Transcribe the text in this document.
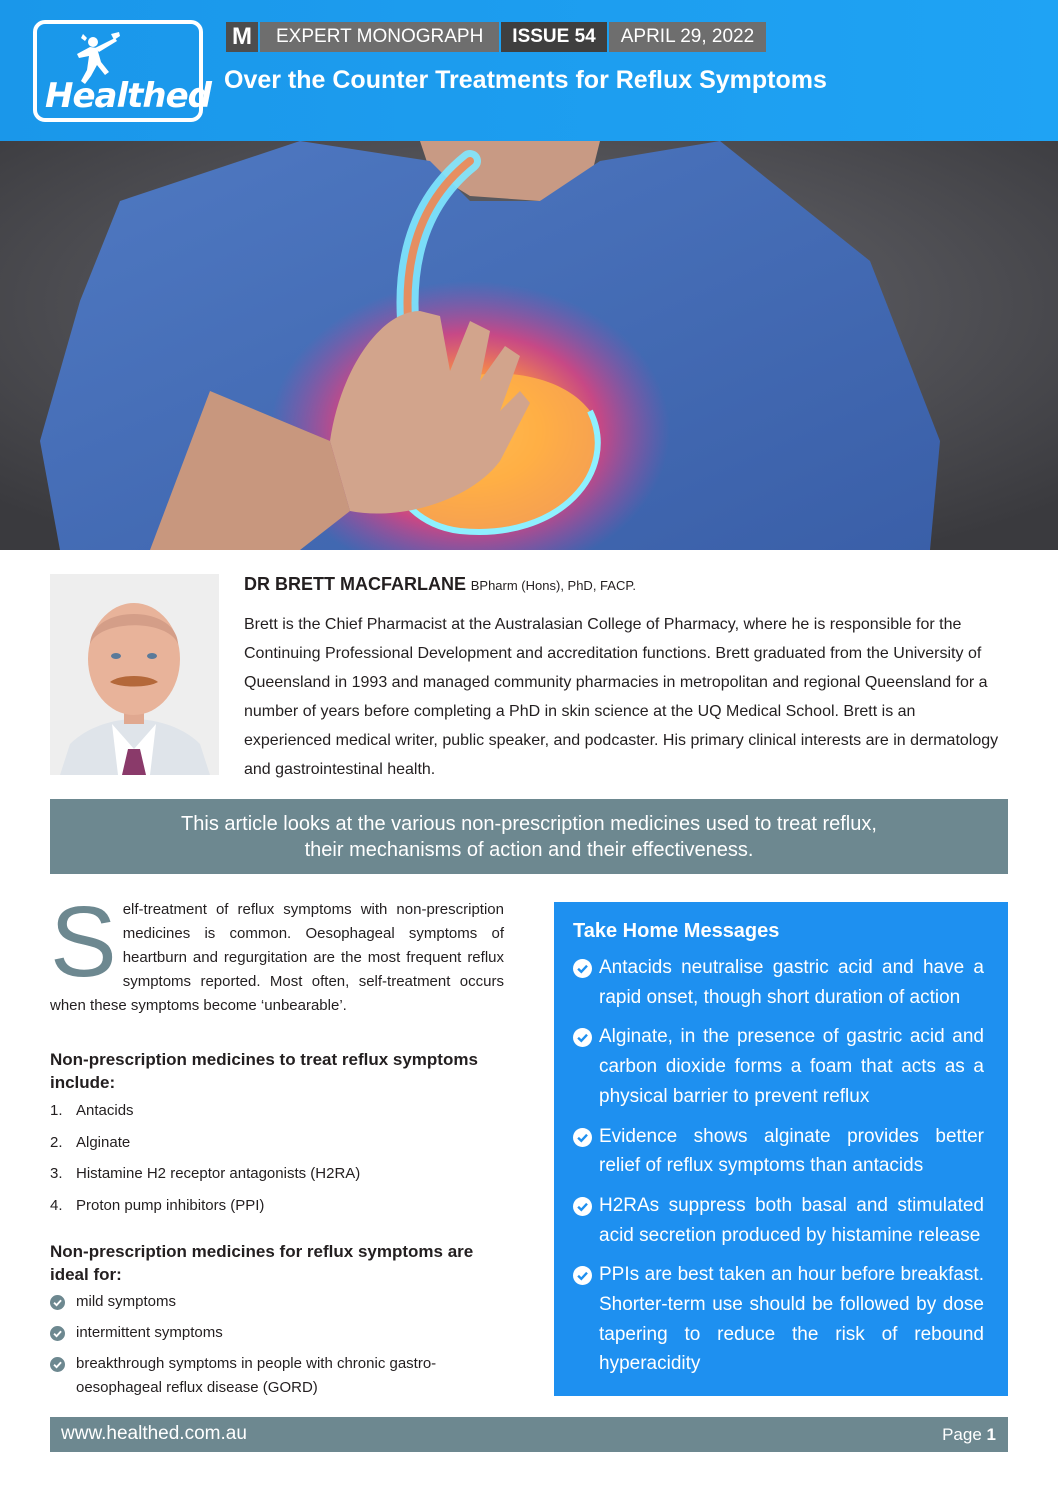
Healthed
M	EXPERT MONOGRAPH	ISSUE 54	APRIL 29, 2022
Over the Counter Treatments for Reflux Symptoms
DR BRETT MACFARLANE BPharm (Hons), PhD, FACP.
Brett is the Chief Pharmacist at the Australasian College of Pharmacy, where he is responsible for the Continuing Professional Development and accreditation functions. Brett graduated from the University of Queensland in 1993 and managed community pharmacies in metropolitan and regional Queensland for a number of years before completing a PhD in skin science at the UQ Medical School. Brett is an experienced medical writer, public speaker, and podcaster. His primary clinical interests are in dermatology and gastrointestinal health.
This article looks at the various non-prescription medicines used to treat reflux,
their mechanisms of action and their effectiveness.
S elf-treatment of reflux symptoms with non-prescription medicines is common. Oesophageal symptoms of heartburn and regurgitation are the most frequent reflux symptoms reported. Most often, self-treatment occurs when these symptoms become ‘unbearable’.
Non-prescription medicines to treat reflux symptoms include:
1. Antacids
2. Alginate
3. Histamine H2 receptor antagonists (H2RA)
4. Proton pump inhibitors (PPI)
Non-prescription medicines for reflux symptoms are ideal for:
mild symptoms
intermittent symptoms
breakthrough symptoms in people with chronic gastro-oesophageal reflux disease (GORD)
Take Home Messages
Antacids neutralise gastric acid and have a rapid onset, though short duration of action
Alginate, in the presence of gastric acid and carbon dioxide forms a foam that acts as a physical barrier to prevent reflux
Evidence shows alginate provides better relief of reflux symptoms than antacids
H2RAs suppress both basal and stimulated acid secretion produced by histamine release
PPIs are best taken an hour before breakfast. Shorter-term use should be followed by dose tapering to reduce the risk of rebound hyperacidity
www.healthed.com.au	Page 1
